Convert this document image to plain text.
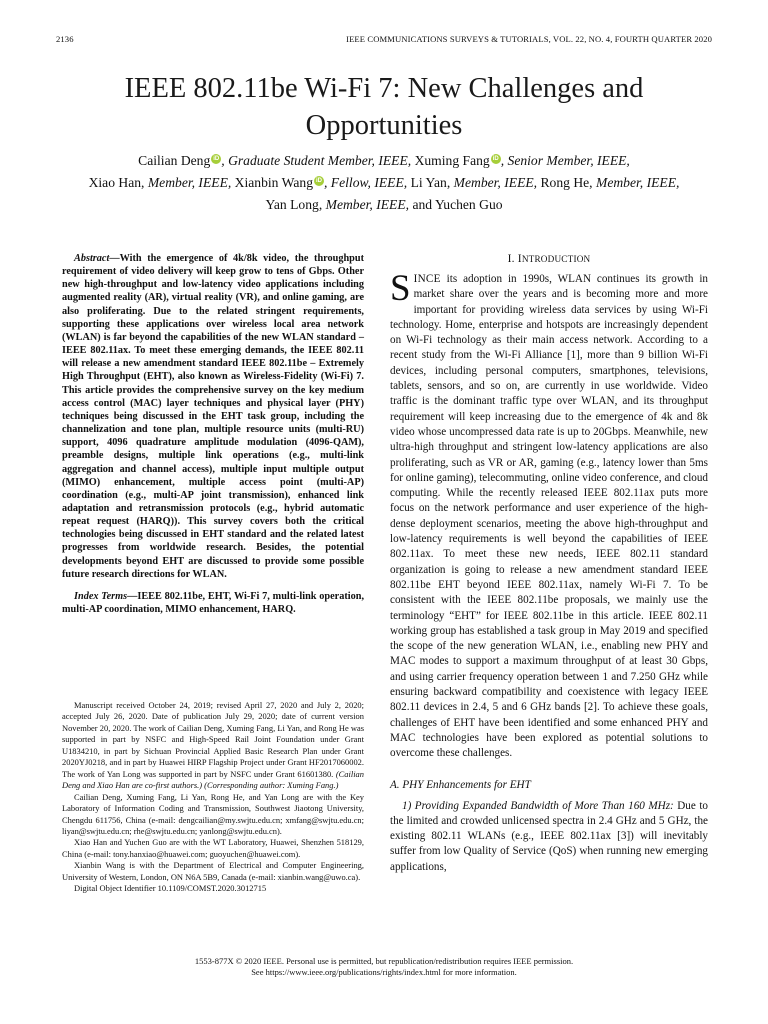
2136	IEEE COMMUNICATIONS SURVEYS & TUTORIALS, VOL. 22, NO. 4, FOURTH QUARTER 2020
IEEE 802.11be Wi-Fi 7: New Challenges and
Opportunities
Cailian Deng iD , Graduate Student Member, IEEE, Xuming Fang iD , Senior Member, IEEE,
Xiao Han, Member, IEEE, Xianbin Wang iD , Fellow, IEEE, Li Yan, Member, IEEE, Rong He, Member, IEEE,
Yan Long, Member, IEEE, and Yuchen Guo

Abstract—With the emergence of 4k/8k video, the throughput requirement of video delivery will keep grow to tens of Gbps. Other new high-throughput and low-latency video applications including augmented reality (AR), virtual reality (VR), and online gaming, are also proliferating. Due to the related stringent requirements, supporting these applications over wireless local area network (WLAN) is far beyond the capabilities of the new WLAN standard – IEEE 802.11ax. To meet these emerging demands, the IEEE 802.11 will release a new amendment standard IEEE 802.11be – Extremely High Throughput (EHT), also known as Wireless-Fidelity (Wi-Fi) 7. This article provides the comprehensive survey on the key medium access control (MAC) layer techniques and physical layer (PHY) techniques being discussed in the EHT task group, including the channelization and tone plan, multiple resource units (multi-RU) support, 4096 quadrature amplitude modulation (4096-QAM), preamble designs, multiple link operations (e.g., multi-link aggregation and channel access), multiple input multiple output (MIMO) enhancement, multiple access point (multi-AP) coordination (e.g., multi-AP joint transmission), enhanced link adaptation and retransmission protocols (e.g., hybrid automatic repeat request (HARQ)). This survey covers both the critical technologies being discussed in EHT standard and the related latest progresses from worldwide research. Besides, the potential developments beyond EHT are discussed to provide some possible future research directions for WLAN.

Index Terms—IEEE 802.11be, EHT, Wi-Fi 7, multi-link operation, multi-AP coordination, MIMO enhancement, HARQ.

Manuscript received October 24, 2019; revised April 27, 2020 and July 2, 2020; accepted July 26, 2020. Date of publication July 29, 2020; date of current version November 20, 2020. The work of Cailian Deng, Xuming Fang, Li Yan, and Rong He was supported in part by NSFC and High-Speed Rail Joint Foundation under Grant U1834210, in part by Sichuan Provincial Applied Basic Research Plan under Grant 2020YJ0218, and in part by Huawei HIRP Flagship Project under Grant HF2017060002. The work of Yan Long was supported in part by NSFC under Grant 61601380. (Cailian Deng and Xiao Han are co-first authors.) (Corresponding author: Xuming Fang.)

Cailian Deng, Xuming Fang, Li Yan, Rong He, and Yan Long are with the Key Laboratory of Information Coding and Transmission, Southwest Jiaotong University, Chengdu 611756, China (e-mail: dengcailian@my.swjtu.edu.cn; xmfang@swjtu.edu.cn; liyan@swjtu.edu.cn; rhe@swjtu.edu.cn; yanlong@swjtu.edu.cn).

Xiao Han and Yuchen Guo are with the WT Laboratory, Huawei, Shenzhen 518129, China (e-mail: tony.hanxiao@huawei.com; guoyuchen@huawei.com).

Xianbin Wang is with the Department of Electrical and Computer Engineering, University of Western, London, ON N6A 5B9, Canada (e-mail: xianbin.wang@uwo.ca).

Digital Object Identifier 10.1109/COMST.2020.3012715

I. INTRODUCTION

SINCE its adoption in 1990s, WLAN continues its growth in market share over the years and is becoming more and more important for providing wireless data services by using Wi-Fi technology. Home, enterprise and hotspots are increasingly dependent on Wi-Fi technology as their main access network. According to a recent study from the Wi-Fi Alliance [1], more than 9 billion Wi-Fi devices, including personal computers, smartphones, televisions, tablets, sensors, and so on, are currently in use worldwide. Video traffic is the dominant traffic type over WLAN, and its throughput requirement will keep increasing due to the emergence of 4k and 8k video whose uncompressed data rate is up to 20Gbps. Meanwhile, new ultra-high throughput and stringent low-latency applications are also proliferating, such as VR or AR, gaming (e.g., latency lower than 5ms for online gaming), telecommuting, online video conference, and cloud computing. While the recently released IEEE 802.11ax puts more focus on the network performance and user experience of the high-dense deployment scenarios, meeting the above high-throughput and low-latency requirements is well beyond the capabilities of IEEE 802.11ax. To meet these new needs, IEEE 802.11 standard organization is going to release a new amendment standard IEEE 802.11be EHT beyond IEEE 802.11ax, namely Wi-Fi 7. To be consistent with the IEEE 802.11be proposals, we mainly use the terminology “EHT” for IEEE 802.11be in this article. IEEE 802.11 working group has established a task group in May 2019 and specified the scope of the new generation WLAN, i.e., enabling new PHY and MAC modes to support a maximum throughput of at least 30 Gbps, and using carrier frequency operation between 1 and 7.250 GHz while ensuring backward compatibility and coexistence with legacy IEEE 802.11 devices in 2.4, 5 and 6 GHz bands [2]. To achieve these goals, challenges of EHT have been identified and some enhanced PHY and MAC technologies have been explored as potential solutions to overcome these challenges.

A. PHY Enhancements for EHT

1) Providing Expanded Bandwidth of More Than 160 MHz: Due to the limited and crowded unlicensed spectra in 2.4 GHz and 5 GHz, the existing 802.11 WLANs (e.g., IEEE 802.11ax [3]) will inevitably suffer from low Quality of Service (QoS) when running new emerging applications,

1553-877X © 2020 IEEE. Personal use is permitted, but republication/redistribution requires IEEE permission.
See https://www.ieee.org/publications/rights/index.html for more information.
